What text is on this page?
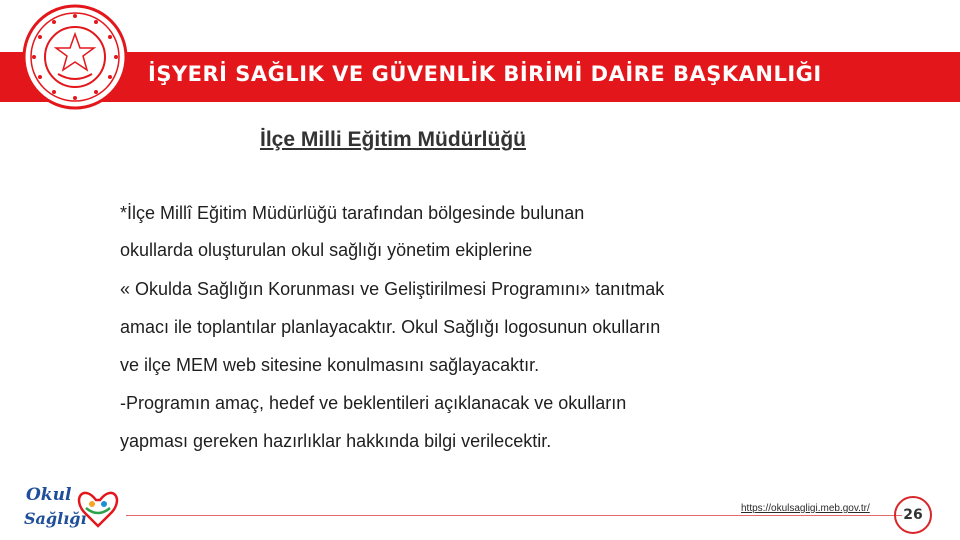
İŞYERİ SAĞLIK VE GÜVENLİK BİRİMİ DAİRE BAŞKANLIĞI
İlçe Milli Eğitim Müdürlüğü
*İlçe Millî Eğitim Müdürlüğü tarafından bölgesinde bulunan
okullarda oluşturulan okul sağlığı yönetim ekiplerine
« Okulda Sağlığın Korunması ve Geliştirilmesi Programını» tanıtmak
amacı ile toplantılar planlayacaktır. Okul Sağlığı logosunun okulların
ve ilçe MEM web sitesine konulmasını sağlayacaktır.
-Programın amaç, hedef ve beklentileri açıklanacak ve okulların
yapması gereken hazırlıklar hakkında bilgi verilecektir.
Okul
Sağlığı
https://okulsagligi.meb.gov.tr/ 26
